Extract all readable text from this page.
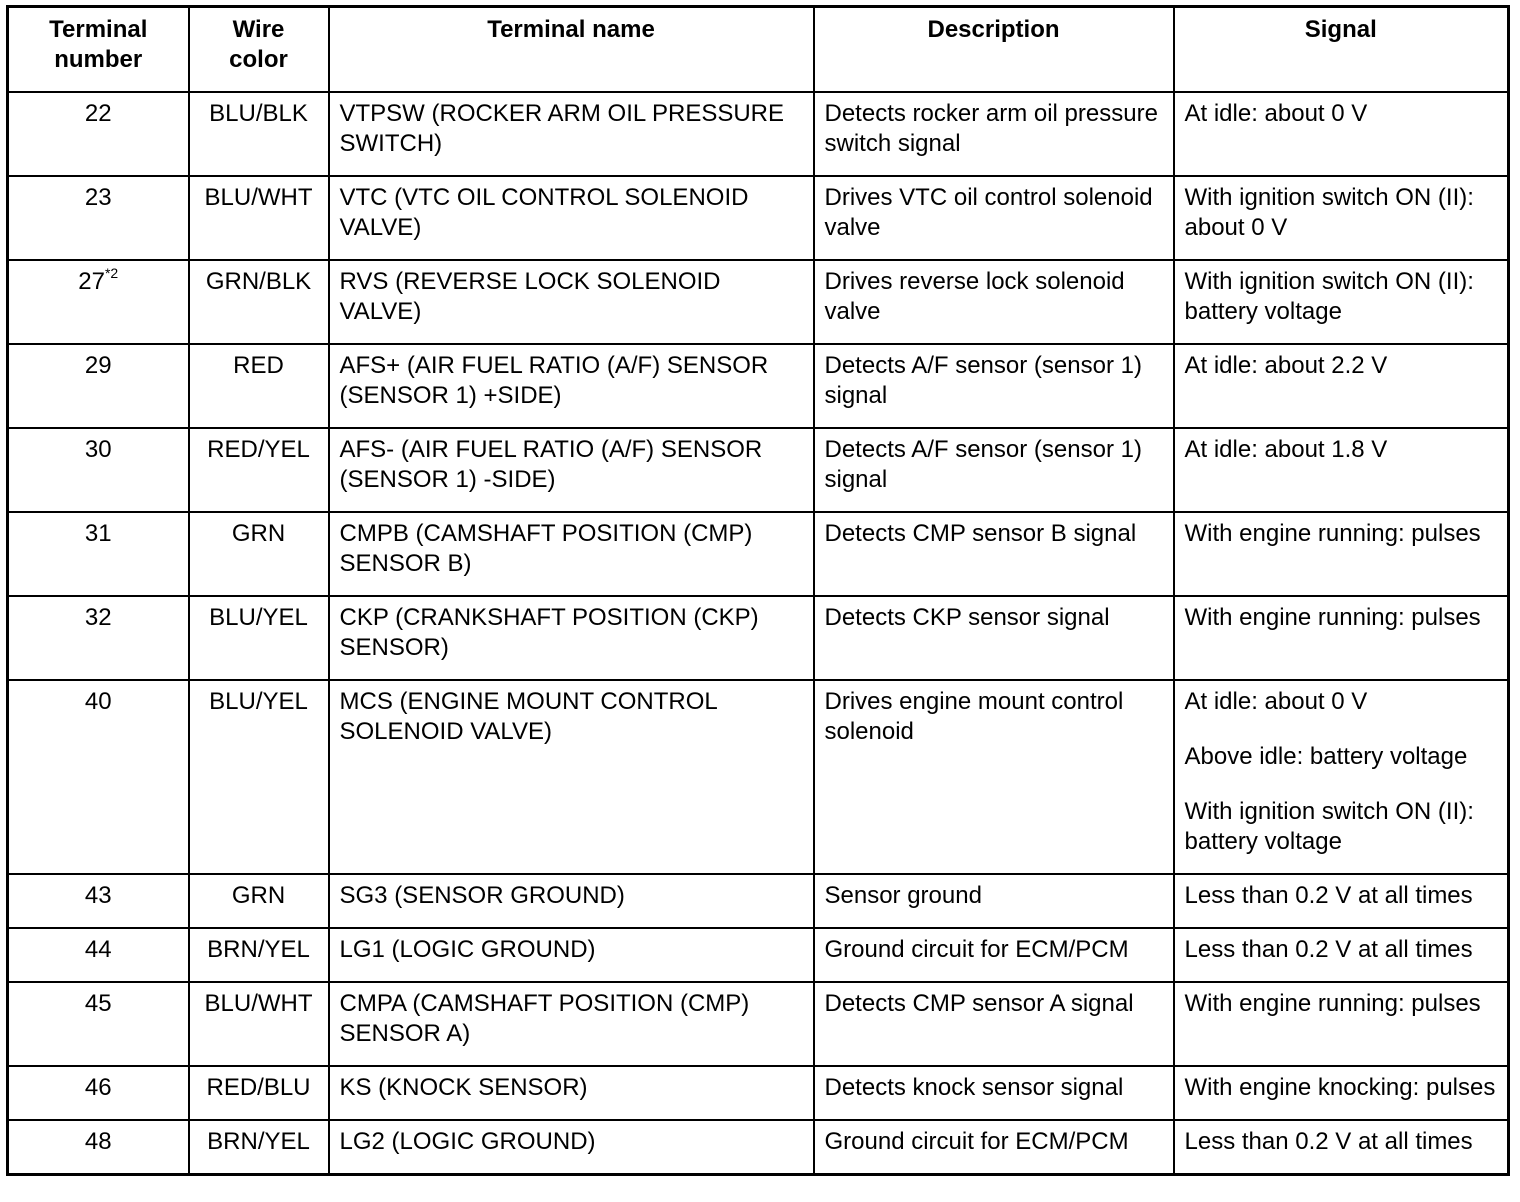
Terminal
number	Wire
color	Terminal name	Description	Signal
22	BLU/BLK	VTPSW (ROCKER ARM OIL PRESSURE SWITCH)	Detects rocker arm oil pressure switch signal	At idle: about 0 V

23	BLU/WHT	VTC (VTC OIL CONTROL SOLENOID VALVE)	Drives VTC oil control solenoid valve	With ignition switch ON (II): about 0 V

27$^{*2}$	GRN/BLK	RVS (REVERSE LOCK SOLENOID VALVE)	Drives reverse lock solenoid valve	With ignition switch ON (II): battery voltage

29	RED	AFS+ (AIR FUEL RATIO (A/F) SENSOR (SENSOR 1) +SIDE)	Detects A/F sensor (sensor 1) signal	At idle: about 2.2 V

30	RED/YEL	AFS- (AIR FUEL RATIO (A/F) SENSOR (SENSOR 1) -SIDE)	Detects A/F sensor (sensor 1) signal	At idle: about 1.8 V

31	GRN	CMPB (CAMSHAFT POSITION (CMP) SENSOR B)	Detects CMP sensor B signal	With engine running: pulses

32	BLU/YEL	CKP (CRANKSHAFT POSITION (CKP) SENSOR)	Detects CKP sensor signal	With engine running: pulses

40	BLU/YEL	MCS (ENGINE MOUNT CONTROL SOLENOID VALVE)	Drives engine mount control solenoid	At idle: about 0 V
Above idle: battery voltage
With ignition switch ON (II): battery voltage

43	GRN	SG3 (SENSOR GROUND)	Sensor ground	Less than 0.2 V at all times

44	BRN/YEL	LG1 (LOGIC GROUND)	Ground circuit for ECM/PCM	Less than 0.2 V at all times

45	BLU/WHT	CMPA (CAMSHAFT POSITION (CMP) SENSOR A)	Detects CMP sensor A signal	With engine running: pulses

46	RED/BLU	KS (KNOCK SENSOR)	Detects knock sensor signal	With engine knocking: pulses

48	BRN/YEL	LG2 (LOGIC GROUND)	Ground circuit for ECM/PCM	Less than 0.2 V at all times
